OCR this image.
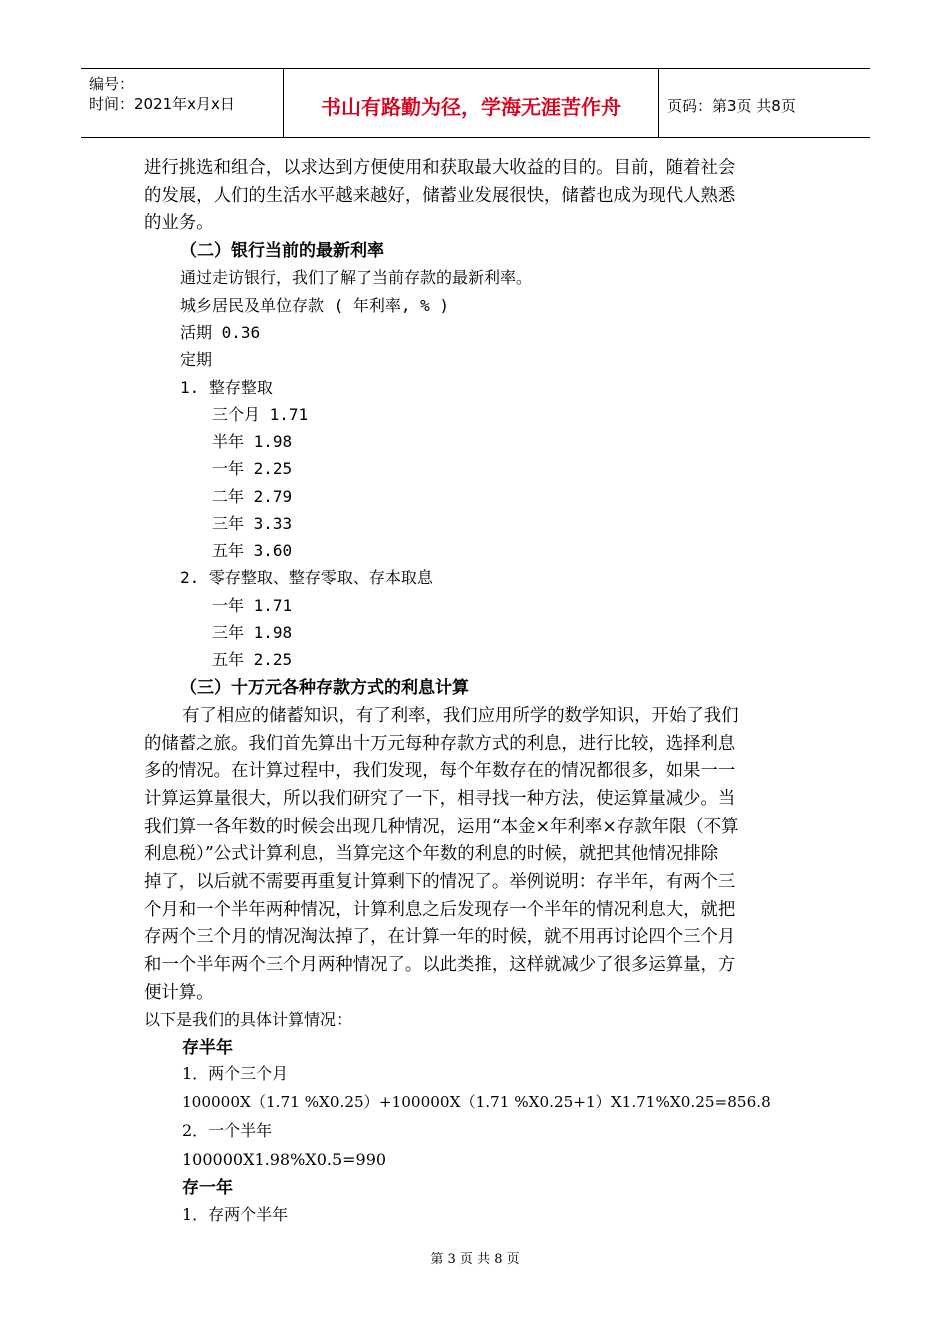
编号：
时间：2021年x月x日	书山有路勤为径，学海无涯苦作舟	页码：第3页 共8页
进行挑选和组合，以求达到方便使用和获取最大收益的目的。目前，随着社会
的发展，人们的生活水平越来越好，储蓄业发展很快，储蓄也成为现代人熟悉
的业务。
（二）银行当前的最新利率
通过走访银行，我们了解了当前存款的最新利率。
城乡居民及单位存款 ( 年利率, % )
活期 0.36
定期
1. 整存整取
三个月 1.71
半年 1.98
一年 2.25
二年 2.79
三年 3.33
五年 3.60
2. 零存整取、整存零取、存本取息
一年 1.71
三年 1.98
五年 2.25
（三）十万元各种存款方式的利息计算
有了相应的储蓄知识，有了利率，我们应用所学的数学知识，开始了我们
的储蓄之旅。我们首先算出十万元每种存款方式的利息，进行比较，选择利息
多的情况。在计算过程中，我们发现，每个年数存在的情况都很多，如果一一
计算运算量很大，所以我们研究了一下，相寻找一种方法，使运算量减少。当
我们算一各年数的时候会出现几种情况，运用“本金×年利率×存款年限（不算
利息税）”公式计算利息，当算完这个年数的利息的时候，就把其他情况排除
掉了，以后就不需要再重复计算剩下的情况了。举例说明：存半年，有两个三
个月和一个半年两种情况，计算利息之后发现存一个半年的情况利息大，就把
存两个三个月的情况淘汰掉了，在计算一年的时候，就不用再讨论四个三个月
和一个半年两个三个月两种情况了。以此类推，这样就减少了很多运算量，方
便计算。
以下是我们的具体计算情况：
存半年
1．两个三个月
100000X（1.71 %X0.25）+100000X（1.71 %X0.25+1）X1.71%X0.25=856.8
2．一个半年
100000X1.98%X0.5=990
存一年
1．存两个半年
第 3 页 共 8 页
